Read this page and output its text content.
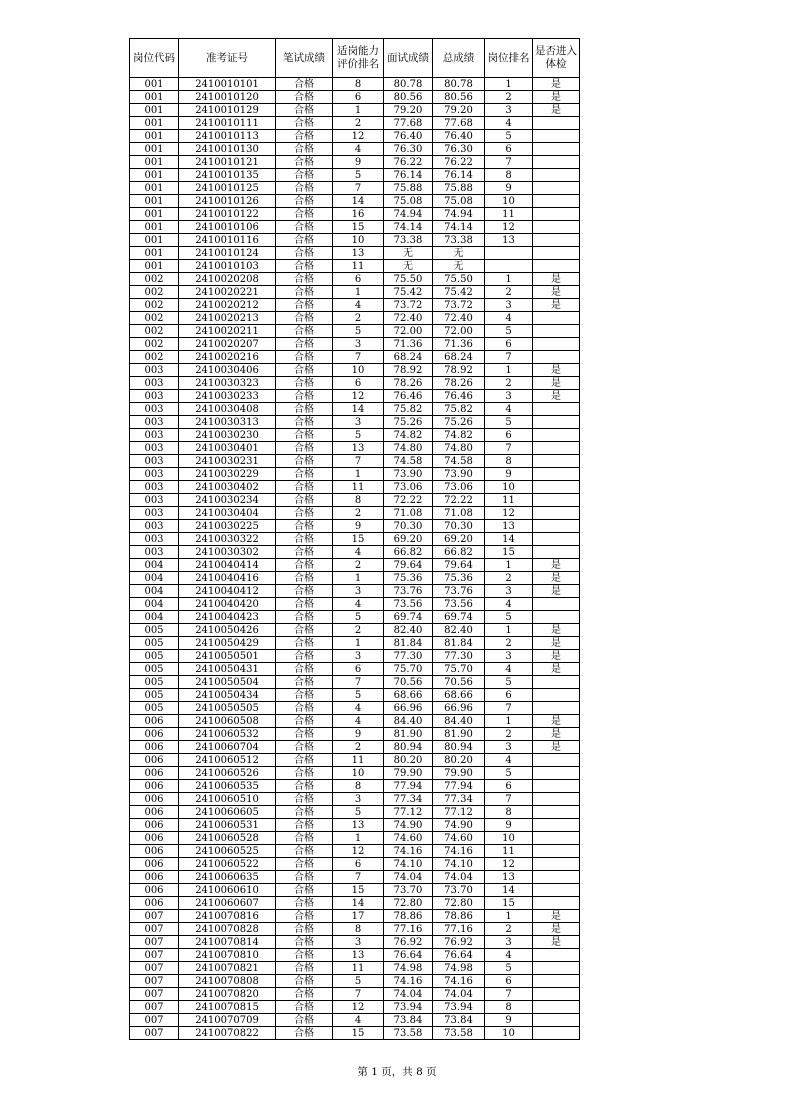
岗位代码	准考证号	笔试成绩	适岗能力评价排名	面试成绩	总成绩	岗位排名	是否进入体检
001	2410010101	合格	8	80.78	80.78	1	是
001	2410010120	合格	6	80.56	80.56	2	是
001	2410010129	合格	1	79.20	79.20	3	是
001	2410010111	合格	2	77.68	77.68	4	
001	2410010113	合格	12	76.40	76.40	5	
001	2410010130	合格	4	76.30	76.30	6	
001	2410010121	合格	9	76.22	76.22	7	
001	2410010135	合格	5	76.14	76.14	8	
001	2410010125	合格	7	75.88	75.88	9	
001	2410010126	合格	14	75.08	75.08	10	
001	2410010122	合格	16	74.94	74.94	11	
001	2410010106	合格	15	74.14	74.14	12	
001	2410010116	合格	10	73.38	73.38	13	
001	2410010124	合格	13	无	无		
001	2410010103	合格	11	无	无		
002	2410020208	合格	6	75.50	75.50	1	是
002	2410020221	合格	1	75.42	75.42	2	是
002	2410020212	合格	4	73.72	73.72	3	是
002	2410020213	合格	2	72.40	72.40	4	
002	2410020211	合格	5	72.00	72.00	5	
002	2410020207	合格	3	71.36	71.36	6	
002	2410020216	合格	7	68.24	68.24	7	
003	2410030406	合格	10	78.92	78.92	1	是
003	2410030323	合格	6	78.26	78.26	2	是
003	2410030233	合格	12	76.46	76.46	3	是
003	2410030408	合格	14	75.82	75.82	4	
003	2410030313	合格	3	75.26	75.26	5	
003	2410030230	合格	5	74.82	74.82	6	
003	2410030401	合格	13	74.80	74.80	7	
003	2410030231	合格	7	74.58	74.58	8	
003	2410030229	合格	1	73.90	73.90	9	
003	2410030402	合格	11	73.06	73.06	10	
003	2410030234	合格	8	72.22	72.22	11	
003	2410030404	合格	2	71.08	71.08	12	
003	2410030225	合格	9	70.30	70.30	13	
003	2410030322	合格	15	69.20	69.20	14	
003	2410030302	合格	4	66.82	66.82	15	
004	2410040414	合格	2	79.64	79.64	1	是
004	2410040416	合格	1	75.36	75.36	2	是
004	2410040412	合格	3	73.76	73.76	3	是
004	2410040420	合格	4	73.56	73.56	4	
004	2410040423	合格	5	69.74	69.74	5	
005	2410050426	合格	2	82.40	82.40	1	是
005	2410050429	合格	1	81.84	81.84	2	是
005	2410050501	合格	3	77.30	77.30	3	是
005	2410050431	合格	6	75.70	75.70	4	是
005	2410050504	合格	7	70.56	70.56	5	
005	2410050434	合格	5	68.66	68.66	6	
005	2410050505	合格	4	66.96	66.96	7	
006	2410060508	合格	4	84.40	84.40	1	是
006	2410060532	合格	9	81.90	81.90	2	是
006	2410060704	合格	2	80.94	80.94	3	是
006	2410060512	合格	11	80.20	80.20	4	
006	2410060526	合格	10	79.90	79.90	5	
006	2410060535	合格	8	77.94	77.94	6	
006	2410060510	合格	3	77.34	77.34	7	
006	2410060605	合格	5	77.12	77.12	8	
006	2410060531	合格	13	74.90	74.90	9	
006	2410060528	合格	1	74.60	74.60	10	
006	2410060525	合格	12	74.16	74.16	11	
006	2410060522	合格	6	74.10	74.10	12	
006	2410060635	合格	7	74.04	74.04	13	
006	2410060610	合格	15	73.70	73.70	14	
006	2410060607	合格	14	72.80	72.80	15	
007	2410070816	合格	17	78.86	78.86	1	是
007	2410070828	合格	8	77.16	77.16	2	是
007	2410070814	合格	3	76.92	76.92	3	是
007	2410070810	合格	13	76.64	76.64	4	
007	2410070821	合格	11	74.98	74.98	5	
007	2410070808	合格	5	74.16	74.16	6	
007	2410070820	合格	7	74.04	74.04	7	
007	2410070815	合格	12	73.94	73.94	8	
007	2410070709	合格	4	73.84	73.84	9	
007	2410070822	合格	15	73.58	73.58	10	
第 1 页，共 8 页
